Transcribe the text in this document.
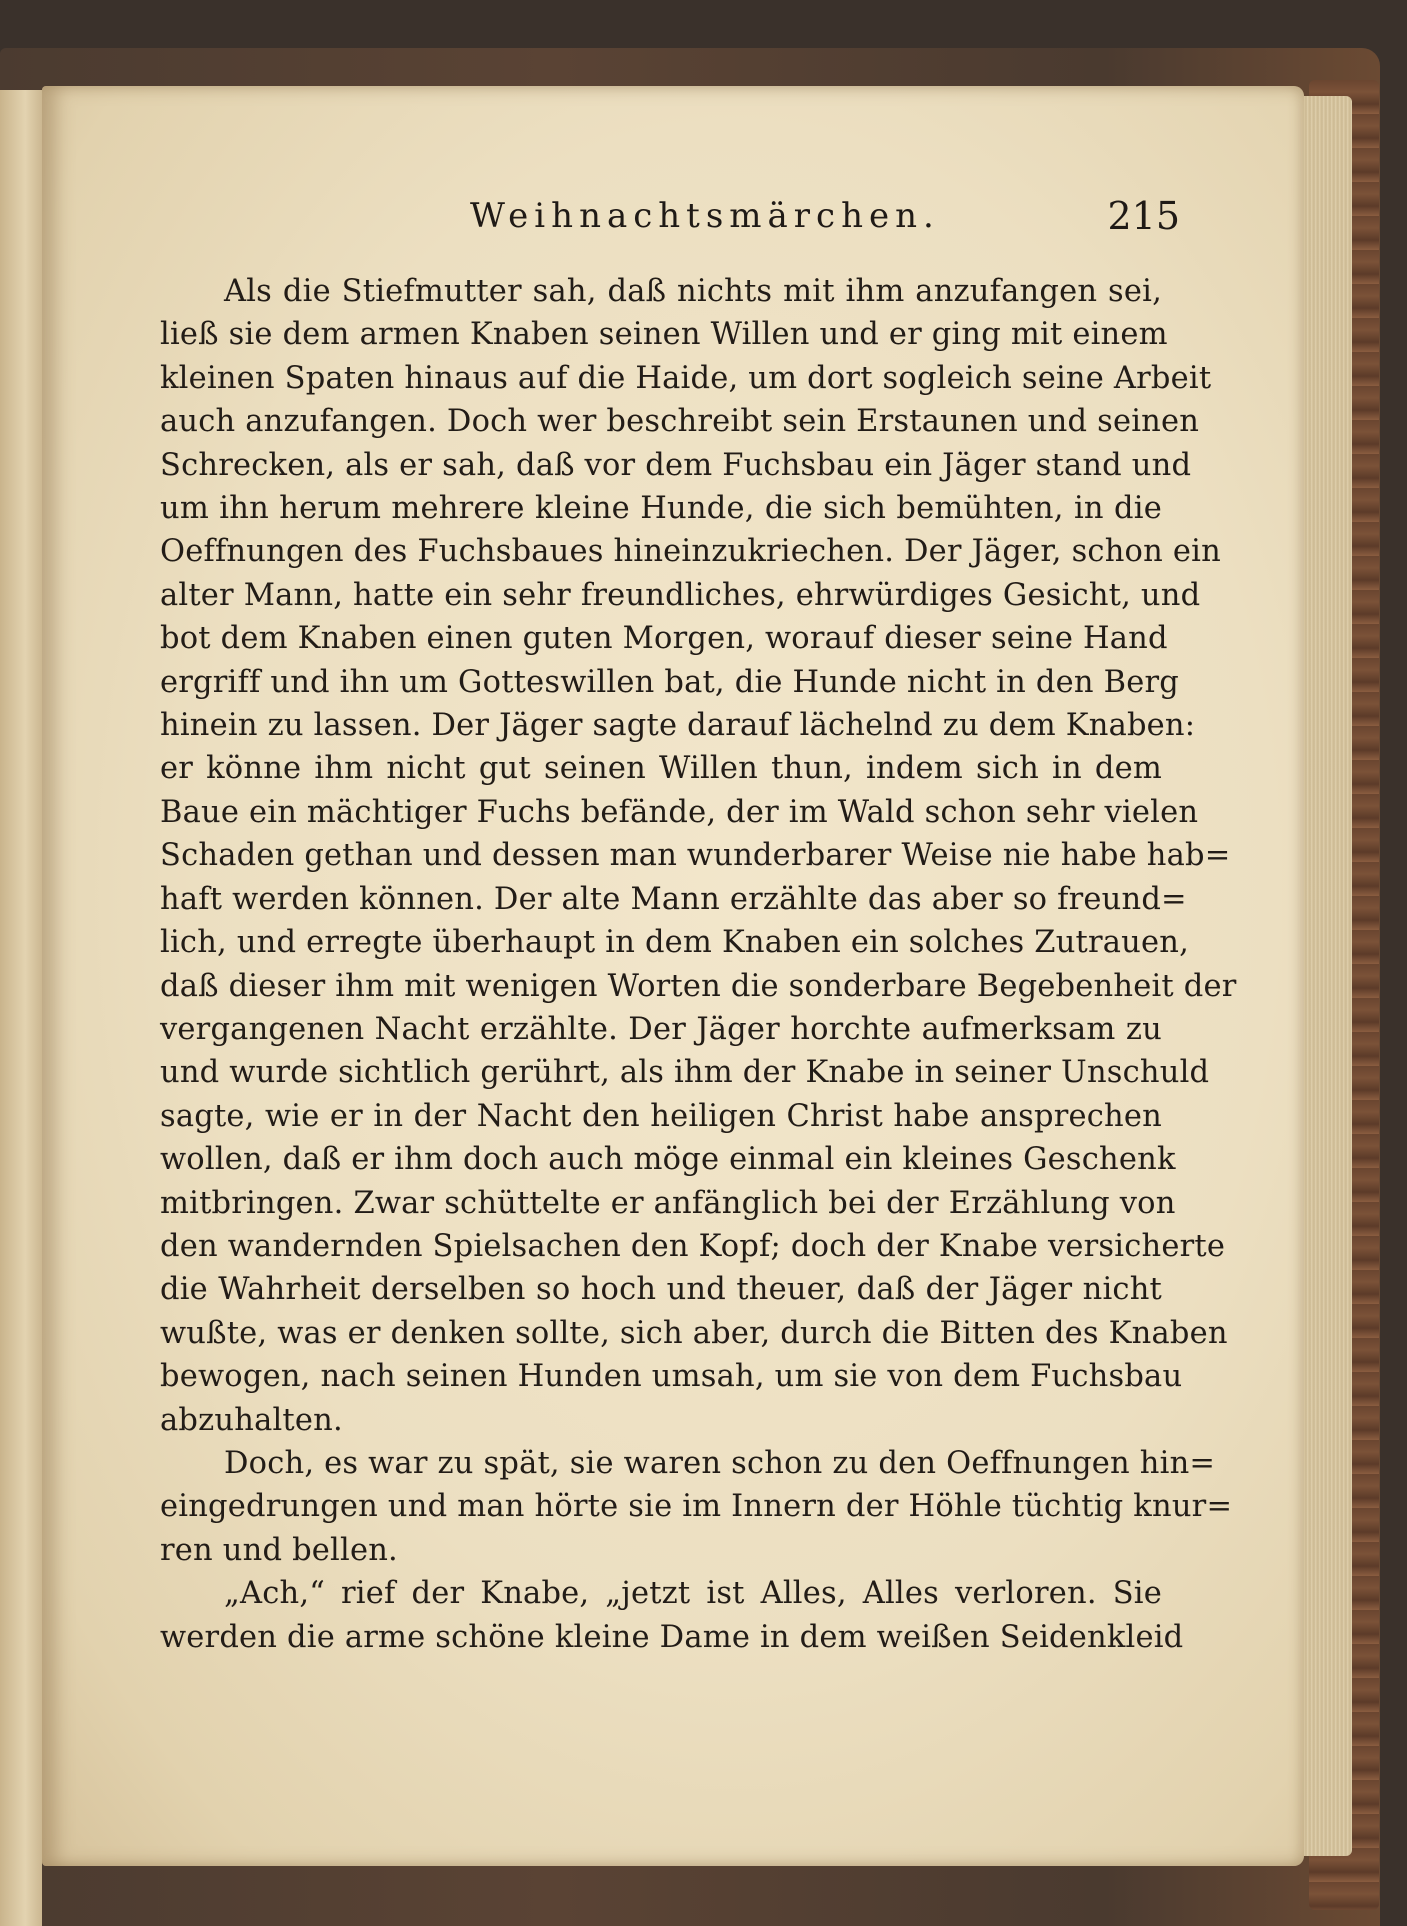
Weihnachtsmärchen.	215

Als die Stiefmutter sah, daß nichts mit ihm anzufangen sei,
ließ sie dem armen Knaben seinen Willen und er ging mit einem
kleinen Spaten hinaus auf die Haide, um dort sogleich seine Arbeit
auch anzufangen. Doch wer beschreibt sein Erstaunen und seinen
Schrecken, als er sah, daß vor dem Fuchsbau ein Jäger stand und
um ihn herum mehrere kleine Hunde, die sich bemühten, in die
Oeffnungen des Fuchsbaues hineinzukriechen. Der Jäger, schon ein
alter Mann, hatte ein sehr freundliches, ehrwürdiges Gesicht, und
bot dem Knaben einen guten Morgen, worauf dieser seine Hand
ergriff und ihn um Gotteswillen bat, die Hunde nicht in den Berg
hinein zu lassen. Der Jäger sagte darauf lächelnd zu dem Knaben:
er könne ihm nicht gut seinen Willen thun, indem sich in dem
Baue ein mächtiger Fuchs befände, der im Wald schon sehr vielen
Schaden gethan und dessen man wunderbarer Weise nie habe hab=
haft werden können. Der alte Mann erzählte das aber so freund=
lich, und erregte überhaupt in dem Knaben ein solches Zutrauen,
daß dieser ihm mit wenigen Worten die sonderbare Begebenheit der
vergangenen Nacht erzählte. Der Jäger horchte aufmerksam zu
und wurde sichtlich gerührt, als ihm der Knabe in seiner Unschuld
sagte, wie er in der Nacht den heiligen Christ habe ansprechen
wollen, daß er ihm doch auch möge einmal ein kleines Geschenk
mitbringen. Zwar schüttelte er anfänglich bei der Erzählung von
den wandernden Spielsachen den Kopf; doch der Knabe versicherte
die Wahrheit derselben so hoch und theuer, daß der Jäger nicht
wußte, was er denken sollte, sich aber, durch die Bitten des Knaben
bewogen, nach seinen Hunden umsah, um sie von dem Fuchsbau
abzuhalten.

Doch, es war zu spät, sie waren schon zu den Oeffnungen hin=
eingedrungen und man hörte sie im Innern der Höhle tüchtig knur=
ren und bellen.

„Ach,“ rief der Knabe, „jetzt ist Alles, Alles verloren. Sie
werden die arme schöne kleine Dame in dem weißen Seidenkleid
